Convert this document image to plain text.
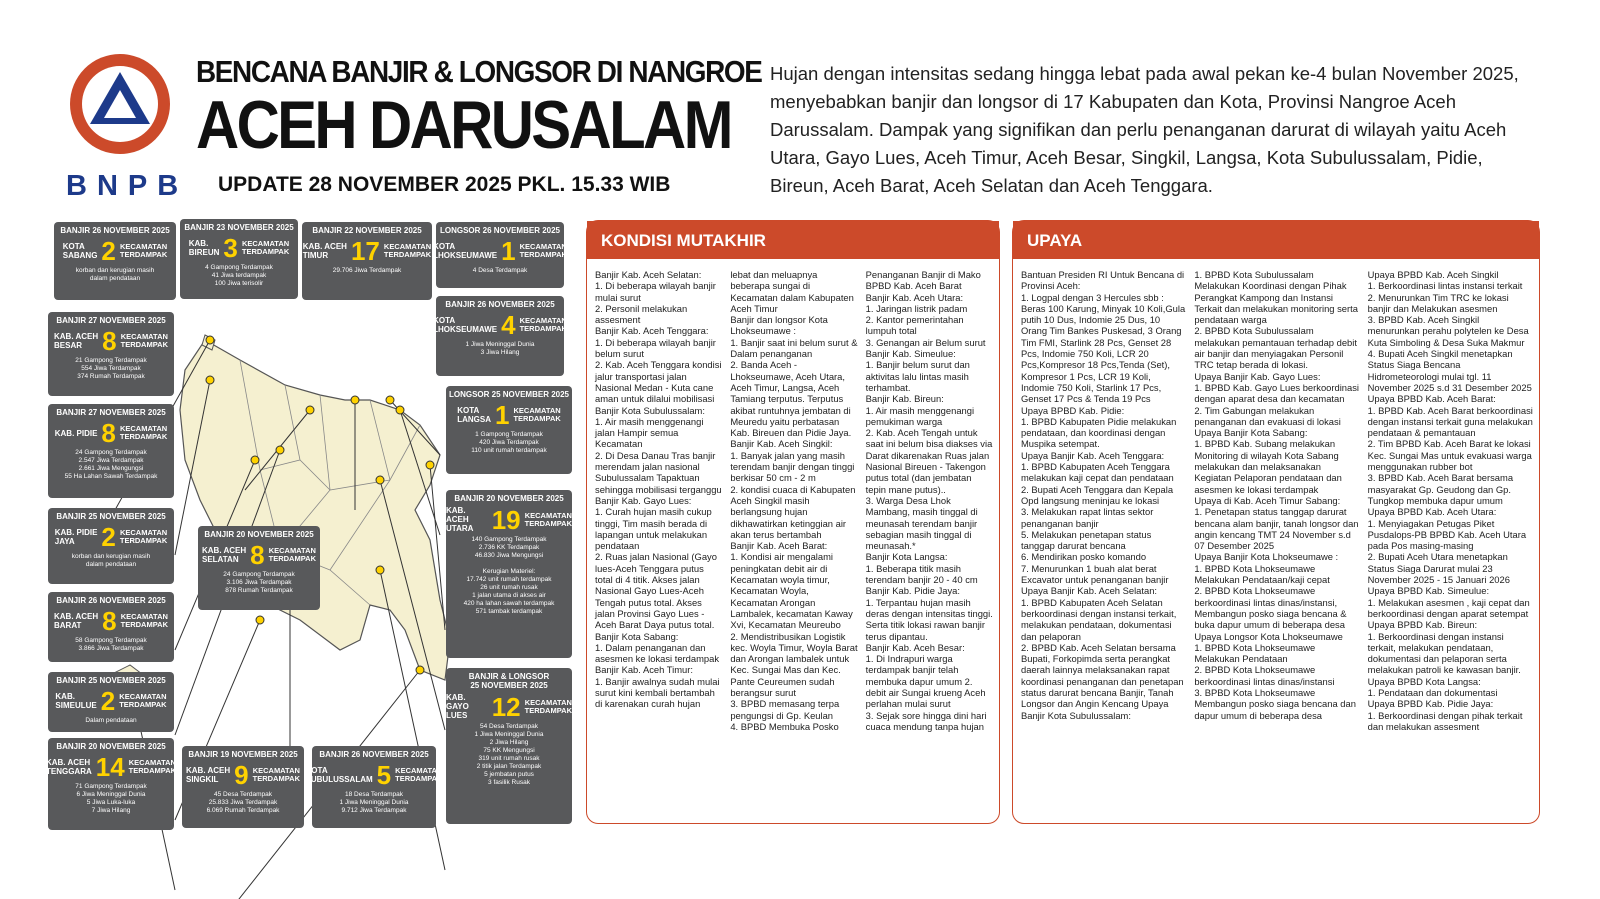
BNPB
BENCANA BANJIR & LONGSOR DI NANGROE
ACEH DARUSALAM
UPDATE 28 NOVEMBER 2025 PKL. 15.33 WIB
Hujan dengan intensitas sedang hingga lebat pada awal pekan ke-4 bulan November 2025, menyebabkan banjir dan longsor di 17 Kabupaten dan Kota, Provinsi Nangroe Aceh Darussalam. Dampak yang signifikan dan perlu penanganan darurat di wilayah yaitu Aceh Utara, Gayo Lues, Aceh Timur, Aceh Besar, Singkil, Langsa, Kota Subulussalam, Pidie, Bireun, Aceh Barat, Aceh Selatan dan Aceh Tenggara.
BANJIR 26 NOVEMBER 2025
KOTA
SABANG 2 KECAMATAN
TERDAMPAK
korban dan kerugian masih
dalam pendataan
BANJIR 23 NOVEMBER 2025
KAB.
BIREUN 3 KECAMATAN
TERDAMPAK
4 Gampong Terdampak
41 Jiwa terdampak
100 Jiwa terisolir
BANJIR 22 NOVEMBER 2025
KAB. ACEH
TIMUR 17 KECAMATAN
TERDAMPAK
29.706 Jiwa Terdampak
LONGSOR 26 NOVEMBER 2025
KOTA
LHOKSEUMAWE 1 KECAMATAN
TERDAMPAK
4 Desa Terdampak
BANJIR 26 NOVEMBER 2025
KOTA
LHOKSEUMAWE 4 KECAMATAN
TERDAMPAK
1 Jiwa Meninggal Dunia
3 Jiwa Hilang
BANJIR 27 NOVEMBER 2025
KAB. ACEH
BESAR 8 KECAMATAN
TERDAMPAK
21 Gampong Terdampak
554 Jiwa Terdampak
374 Rumah Terdampak
BANJIR 27 NOVEMBER 2025
KAB. PIDIE 8 KECAMATAN
TERDAMPAK
24 Gampong Terdampak
2.547 Jiwa Terdampak
2.661 Jiwa Mengungsi
55 Ha Lahan Sawah Terdampak
LONGSOR 25 NOVEMBER 2025
KOTA
LANGSA 1 KECAMATAN
TERDAMPAK
1 Gampong Terdampak
420 Jiwa Terdampak
110 unit rumah terdampak
BANJIR 20 NOVEMBER 2025
KAB. ACEH
UTARA 19 KECAMATAN
TERDAMPAK
140 Gampong Terdampak
2.736 KK Terdampak
46.830 Jiwa Mengungsi

Kerugian Materiel:
17.742 unit rumah terdampak
26 unit rumah rusak
1 jalan utama di akses air
420 ha lahan sawah terdampak
571 tambak terdampak
BANJIR 25 NOVEMBER 2025
KAB. PIDIE
JAYA	2 KECAMATAN
TERDAMPAK
korban dan kerugian masih
dalam pendataan
BANJIR 20 NOVEMBER 2025
KAB. ACEH
SELATAN 8 KECAMATAN
TERDAMPAK
24 Gampong Terdampak
3.106 Jiwa Terdampak
878 Rumah Terdampak
BANJIR 26 NOVEMBER 2025
KAB. ACEH
BARAT 8 KECAMATAN
TERDAMPAK
58 Gampong Terdampak
3.866 Jiwa Terdampak
BANJIR 25 NOVEMBER 2025
KAB.
SIMEULUE 2 KECAMATAN
TERDAMPAK
Dalam pendataan
BANJIR & LONGSOR
25 NOVEMBER 2025
KAB. GAYO
LUES 12 KECAMATAN
TERDAMPAK
54 Desa Terdampak
1 Jiwa Meninggal Dunia
2 Jiwa Hilang
75 KK Mengungsi
319 unit rumah rusak
2 titik jalan Terdampak
5 jembatan putus
3 fasilik Rusak
BANJIR 20 NOVEMBER 2025
KAB. ACEH
TENGGARA 14 KECAMATAN
TERDAMPAK
71 Gampong Terdampak
6 Jiwa Meninggal Dunia
5 Jiwa Luka-luka
7 Jiwa Hilang
BANJIR 19 NOVEMBER 2025
KAB. ACEH
SINGKIL 9 KECAMATAN
TERDAMPAK
45 Desa Terdampak
25.833 Jiwa Terdampak
6.069 Rumah Terdampak
BANJIR 26 NOVEMBER 2025
KOTA
SUBULUSSALAM 5 KECAMATAN
TERDAMPAK
18 Desa Terdampak
1 Jiwa Meninggal Dunia
9.712 Jiwa Terdampak
KONDISI MUTAKHIR
Banjir Kab. Aceh Selatan:
1. Di beberapa wilayah banjir mulai surut
2. Personil melakukan assesment
Banjir Kab. Aceh Tenggara:
1. Di beberapa wilayah banjir belum surut
2. Kab. Aceh Tenggara kondisi jalur transportasi jalan Nasional Medan - Kuta cane aman untuk dilalui mobilisasi
Banjir Kota Subulussalam:
1. Air masih menggenangi jalan Hampir semua Kecamatan
2. Di Desa Danau Tras banjir merendam jalan nasional Subulussalam Tapaktuan sehingga mobilisasi terganggu
Banjir Kab. Gayo Lues:
1. Curah hujan masih cukup tinggi, Tim masih berada di lapangan untuk melakukan pendataan
2. Ruas jalan Nasional (Gayo lues-Aceh Tenggara putus total di 4 titik. Akses jalan Nasional Gayo Lues-Aceh Tengah putus total. Akses jalan Provinsi Gayo Lues - Aceh Barat Daya putus total.
Banjir Kota Sabang:
1. Dalam penanganan dan asesmen ke lokasi terdampak
Banjir Kab. Aceh Timur:
1. Banjir awalnya sudah mulai surut kini kembali bertambah di karenakan curah hujan
lebat dan meluapnya beberapa sungai di Kecamatan dalam Kabupaten Aceh Timur
Banjir dan longsor Kota Lhokseumawe :
1. Banjir saat ini belum surut & Dalam penanganan
2. Banda Aceh - Lhokseumawe, Aceh Utara, Aceh Timur, Langsa, Aceh Tamiang terputus. Terputus akibat runtuhnya jembatan di Meuredu yaitu perbatasan Kab. Bireuen dan Pidie Jaya.
Banjir Kab. Aceh Singkil:
1. Banyak jalan yang masih terendam banjir dengan tinggi berkisar 50 cm - 2 m
2. kondisi cuaca di Kabupaten Aceh Singkil masih berlangsung hujan dikhawatirkan ketinggian air akan terus bertambah
Banjir Kab. Aceh Barat:
1. Kondisi air mengalami peningkatan debit air di Kecamatan woyla timur, Kecamatan Woyla, Kecamatan Arongan Lambalek, kecamatan Kaway Xvi, Kecamatan Meureubo
2. Mendistribusikan Logistik kec. Woyla Timur, Woyla Barat dan Arongan lambalek untuk Kec. Sungai Mas dan Kec. Pante Ceureumen sudah berangsur surut
3. BPBD memasang terpa pengungsi di Gp. Keulan
4. BPBD Membuka Posko
Penanganan Banjir di Mako BPBD Kab. Aceh Barat
Banjir Kab. Aceh Utara:
1. Jaringan listrik padam
2. Kantor pemerintahan lumpuh total
3. Genangan air Belum surut
Banjir Kab. Simeulue:
1. Banjir belum surut dan aktivitas lalu lintas masih terhambat.
Banjir Kab. Bireun:
1. Air masih menggenangi pemukiman warga
2. Kab. Aceh Tengah untuk saat ini belum bisa diakses via Darat dikarenakan Ruas jalan Nasional Bireuen - Takengon putus total (dan jembatan tepin mane putus)..
3. Warga Desa Lhok Mambang, masih tinggal di meunasah terendam banjir sebagian masih tinggal di meunasah.*
Banjir Kota Langsa:
1. Beberapa titik masih terendam banjir 20 - 40 cm
Banjir Kab. Pidie Jaya:
1. Terpantau hujan masih deras dengan intensitas tinggi. Serta titik lokasi rawan banjir terus dipantau.
Banjir Kab. Aceh Besar:
1. Di Indrapuri warga terdampak banjir telah membuka dapur umum 2. debit air Sungai krueng Aceh perlahan mulai surut
3. Sejak sore hingga dini hari cuaca mendung tanpa hujan
UPAYA
Bantuan Presiden RI Untuk Bencana di Provinsi Aceh:
1. Logpal dengan 3 Hercules sbb : Beras 100 Karung, Minyak 10 Koli,Gula putih 10 Dus, Indomie 25 Dus, 10 Orang Tim Bankes Puskesad, 3 Orang Tim FMI, Starlink 28 Pcs, Genset 28 Pcs, Indomie 750 Koli, LCR 20 Pcs,Kompresor 18 Pcs,Tenda (Set), Kompresor 1 Pcs, LCR 19 Koli, Indomie 750 Koli, Starlink 17 Pcs, Genset 17 Pcs & Tenda 19 Pcs
Upaya BPBD Kab. Pidie:
1. BPBD Kabupaten Pidie melakukan pendataan, dan koordinasi dengan Muspika setempat.
Upaya Banjir Kab. Aceh Tenggara:
1. BPBD Kabupaten Aceh Tenggara melakukan kaji cepat dan pendataan
2. Bupati Aceh Tenggara dan Kepala Opd langsung meninjau ke lokasi
3. Melakukan rapat lintas sektor penanganan banjir
5. Melakukan penetapan status tanggap darurat bencana
6. Mendirikan posko komando
7. Menurunkan 1 buah alat berat Excavator untuk penanganan banjir
Upaya Banjir Kab. Aceh Selatan:
1. BPBD Kabupaten Aceh Selatan berkoordinasi dengan instansi terkait, melakukan pendataan, dokumentasi dan pelaporan
2. BPBD Kab. Aceh Selatan bersama Bupati, Forkopimda serta perangkat daerah lainnya melaksanakan rapat koordinasi penanganan dan penetapan status darurat bencana Banjir, Tanah Longsor dan Angin Kencang Upaya Banjir Kota Subulussalam:
1. BPBD Kota Subulussalam Melakukan Koordinasi dengan Pihak Perangkat Kampong dan Instansi Terkait dan melakukan monitoring serta pendataan warga
2. BPBD Kota Subulussalam melakukan pemantauan terhadap debit air banjir dan menyiagakan Personil TRC tetap berada di lokasi.
Upaya Banjir Kab. Gayo Lues:
1. BPBD Kab. Gayo Lues berkoordinasi dengan aparat desa dan kecamatan
2. Tim Gabungan melakukan penanganan dan evakuasi di lokasi
Upaya Banjir Kota Sabang:
1. BPBD Kab. Subang melakukan Monitoring di wilayah Kota Sabang melakukan dan melaksanakan Kegiatan Pelaporan pendataan dan asesmen ke lokasi terdampak
Upaya di Kab. Aceh Timur Sabang:
1. Penetapan status tanggap darurat bencana alam banjir, tanah longsor dan angin kencang TMT 24 November s.d 07 Desember 2025
Upaya Banjir Kota Lhokseumawe :
1. BPBD Kota Lhokseumawe Melakukan Pendataan/kaji cepat
2. BPBD Kota Lhokseumawe berkoordinasi lintas dinas/instansi, Membangun posko siaga bencana & buka dapur umum di beberapa desa
Upaya Longsor Kota Lhokseumawe
1. BPBD Kota Lhokseumawe Melakukan Pendataan
2. BPBD Kota Lhokseumawe berkoordinasi lintas dinas/instansi
3. BPBD Kota Lhokseumawe Membangun posko siaga bencana dan dapur umum di beberapa desa
Upaya BPBD Kab. Aceh Singkil
1. Berkoordinasi lintas instansi terkait
2. Menurunkan Tim TRC ke lokasi banjir dan Melakukan asesmen
3. BPBD Kab. Aceh Singkil menurunkan perahu polytelen ke Desa Kuta Simboling & Desa Suka Makmur
4. Bupati Aceh Singkil menetapkan Status Siaga Bencana Hidrometeorologi mulai tgl. 11 November 2025 s.d 31 Desember 2025
Upaya BPBD Kab. Aceh Barat:
1. BPBD Kab. Aceh Barat berkoordinasi dengan instansi terkait guna melakukan pendataan & pemantauan
2. Tim BPBD Kab. Aceh Barat ke lokasi Kec. Sungai Mas untuk evakuasi warga menggunakan rubber bot
3. BPBD Kab. Aceh Barat bersama masyarakat Gp. Geudong dan Gp. Tungkop membuka dapur umum
Upaya BPBD Kab. Aceh Utara:
1. Menyiagakan Petugas Piket Pusdalops-PB BPBD Kab. Aceh Utara pada Pos masing-masing
2. Bupati Aceh Utara menetapkan Status Siaga Darurat mulai 23 November 2025 - 15 Januari 2026
Upaya BPBD Kab. Simeulue:
1. Melakukan asesmen , kaji cepat dan berkoordinasi dengan aparat setempat
Upaya BPBD Kab. Bireun:
1. Berkoordinasi dengan instansi terkait, melakukan pendataan, dokumentasi dan pelaporan serta melakukan patroli ke kawasan banjir.
Upaya BPBD Kota Langsa:
1. Pendataan dan dokumentasi
Upaya BPBD Kab. Pidie Jaya:
1. Berkoordinasi dengan pihak terkait dan melakukan assesment
